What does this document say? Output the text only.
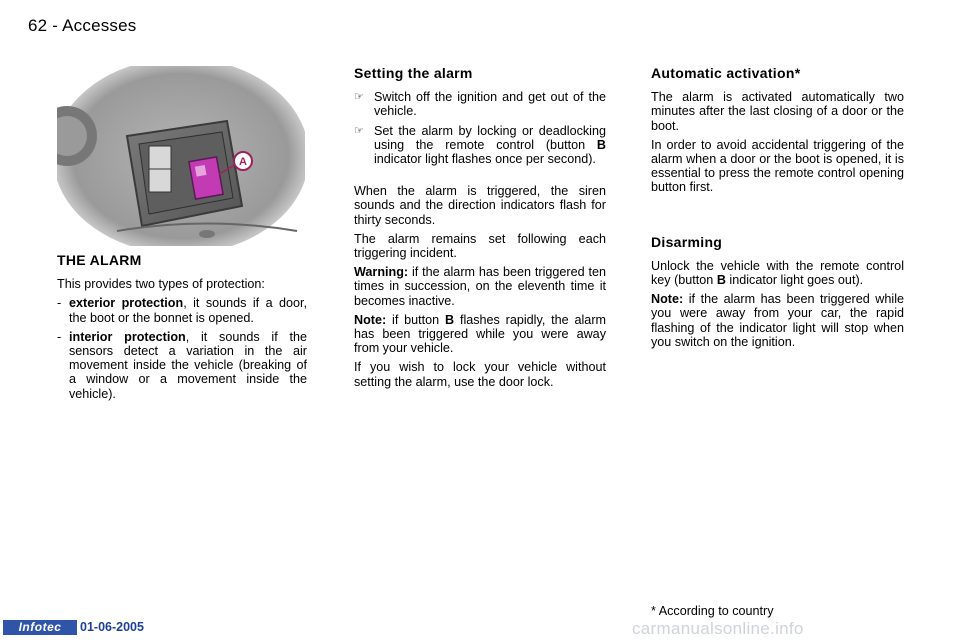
62 - Accesses
A
THE ALARM

This provides two types of protection:

- exterior protection, it sounds if a door, the boot or the bonnet is opened.

- interior protection, it sounds if the sensors detect a variation in the air movement inside the vehicle (breaking of a window or a movement inside the vehicle).

Setting the alarm

☞ Switch off the ignition and get out of the vehicle.

☞ Set the alarm by locking or deadlocking using the remote control (button B indicator light flashes once per second).

When the alarm is triggered, the siren sounds and the direction indicators flash for thirty seconds.

The alarm remains set following each triggering incident.

Warning: if the alarm has been triggered ten times in succession, on the eleventh time it becomes inactive.

Note: if button B flashes rapidly, the alarm has been triggered while you were away from your vehicle.

If you wish to lock your vehicle without setting the alarm, use the door lock.

Automatic activation*

The alarm is activated automatically two minutes after the last closing of a door or the boot.

In order to avoid accidental triggering of the alarm when a door or the boot is opened, it is essential to press the remote control opening button first.

Disarming

Unlock the vehicle with the remote control key (button B indicator light goes out).

Note: if the alarm has been triggered while you were away from your car, the rapid flashing of the indicator light will stop when you switch on the ignition.

* According to country
Infotec	01-06-2005	carmanualsonline.info
